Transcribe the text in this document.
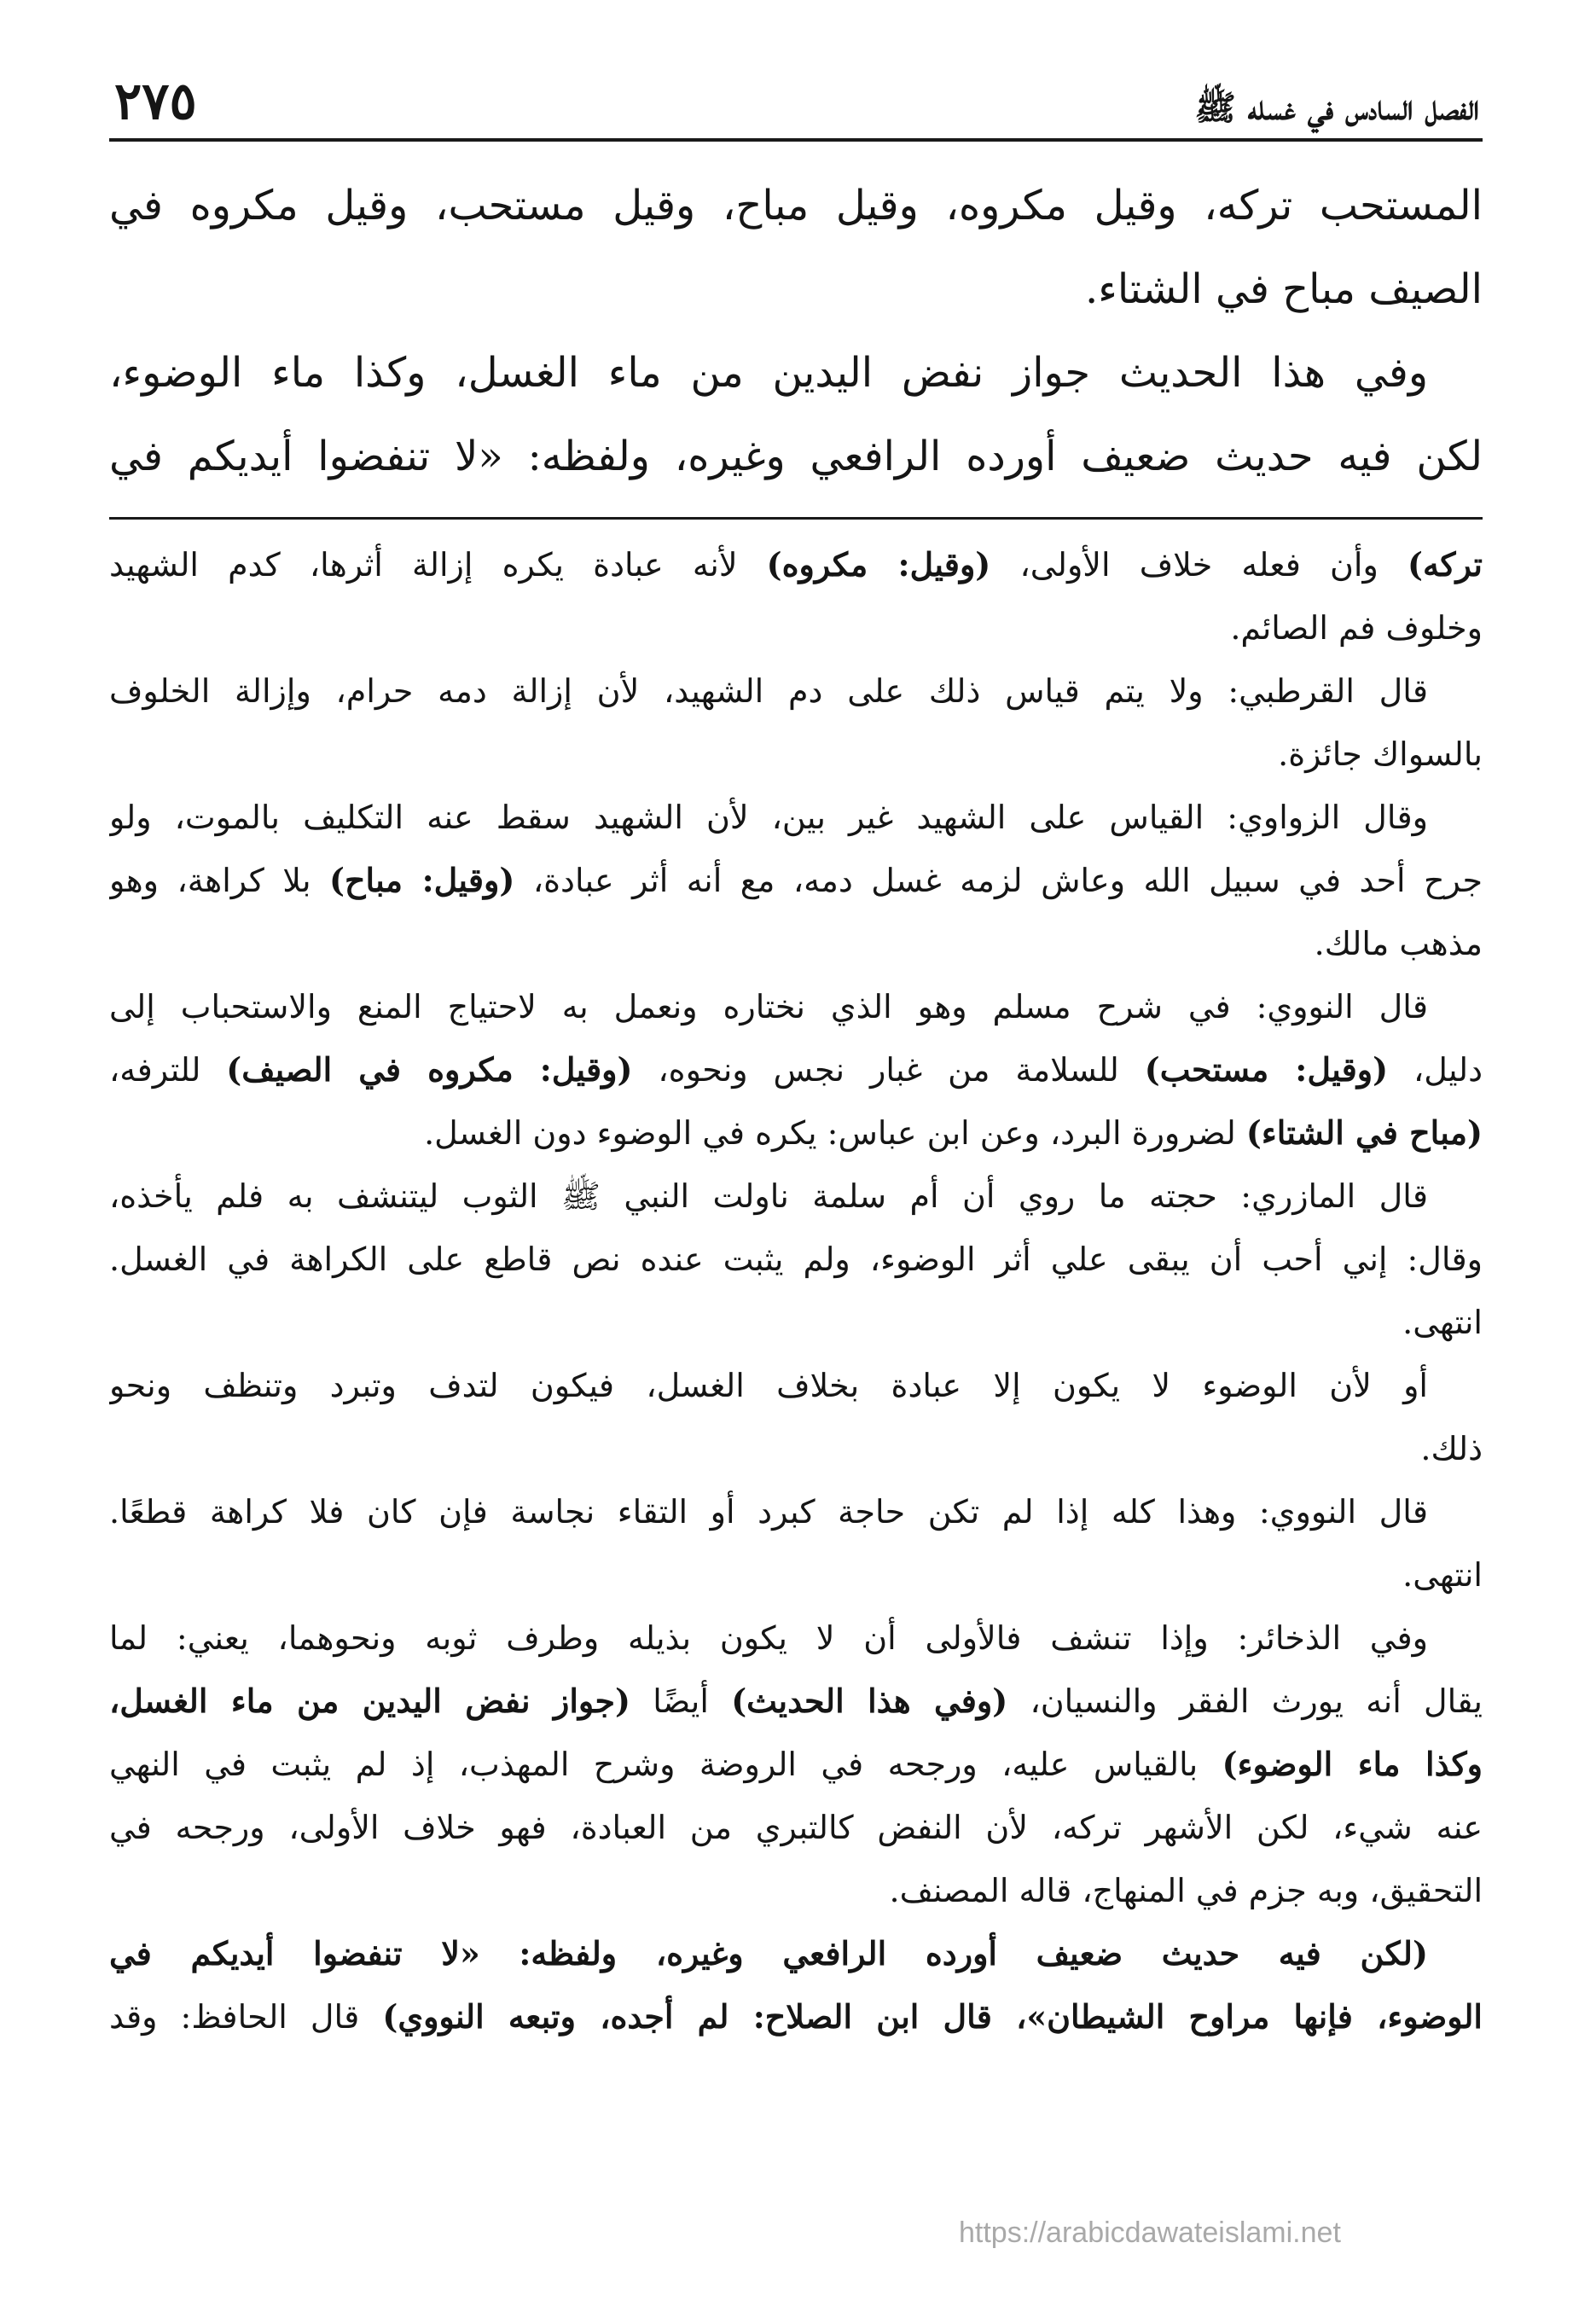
الفصل السادس في غسله ﷺ
٢٧٥
المستحب تركه، وقيل مكروه، وقيل مباح، وقيل مستحب، وقيل مكروه في
الصيف مباح في الشتاء.
وفي هذا الحديث جواز نفض اليدين من ماء الغسل، وكذا ماء الوضوء،
لكن فيه حديث ضعيف أورده الرافعي وغيره، ولفظه: «لا تنفضوا أيديكم في
تركه) وأن فعله خلاف الأولى، (وقيل: مكروه) لأنه عبادة يكره إزالة أثرها، كدم الشهيد
وخلوف فم الصائم.
قال القرطبي: ولا يتم قياس ذلك على دم الشهيد، لأن إزالة دمه حرام، وإزالة الخلوف
بالسواك جائزة.
وقال الزواوي: القياس على الشهيد غير بين، لأن الشهيد سقط عنه التكليف بالموت، ولو
جرح أحد في سبيل الله وعاش لزمه غسل دمه، مع أنه أثر عبادة، (وقيل: مباح) بلا كراهة، وهو
مذهب مالك.
قال النووي: في شرح مسلم وهو الذي نختاره ونعمل به لاحتياج المنع والاستحباب إلى
دليل، (وقيل: مستحب) للسلامة من غبار نجس ونحوه، (وقيل: مكروه في الصيف) للترفه،
(مباح في الشتاء) لضرورة البرد، وعن ابن عباس: يكره في الوضوء دون الغسل.
قال المازري: حجته ما روي أن أم سلمة ناولت النبي ﷺ الثوب ليتنشف به فلم يأخذه،
وقال: إني أحب أن يبقى علي أثر الوضوء، ولم يثبت عنده نص قاطع على الكراهة في الغسل.
انتهى.
أو لأن الوضوء لا يكون إلا عبادة بخلاف الغسل، فيكون لتدف وتبرد وتنظف ونحو
ذلك.
قال النووي: وهذا كله إذا لم تكن حاجة كبرد أو التقاء نجاسة فإن كان فلا كراهة قطعًا.
انتهى.
وفي الذخائر: وإذا تنشف فالأولى أن لا يكون بذيله وطرف ثوبه ونحوهما، يعني: لما
يقال أنه يورث الفقر والنسيان، (وفي هذا الحديث) أيضًا (جواز نفض اليدين من ماء الغسل،
وكذا ماء الوضوء) بالقياس عليه، ورجحه في الروضة وشرح المهذب، إذ لم يثبت في النهي
عنه شيء، لكن الأشهر تركه، لأن النفض كالتبري من العبادة، فهو خلاف الأولى، ورجحه في
التحقيق، وبه جزم في المنهاج، قاله المصنف.
(لكن فيه حديث ضعيف أورده الرافعي وغيره، ولفظه: «لا تنفضوا أيديكم في
الوضوء، فإنها مراوح الشيطان»، قال ابن الصلاح: لم أجده، وتبعه النووي) قال الحافظ: وقد
https://arabicdawateislami.net
